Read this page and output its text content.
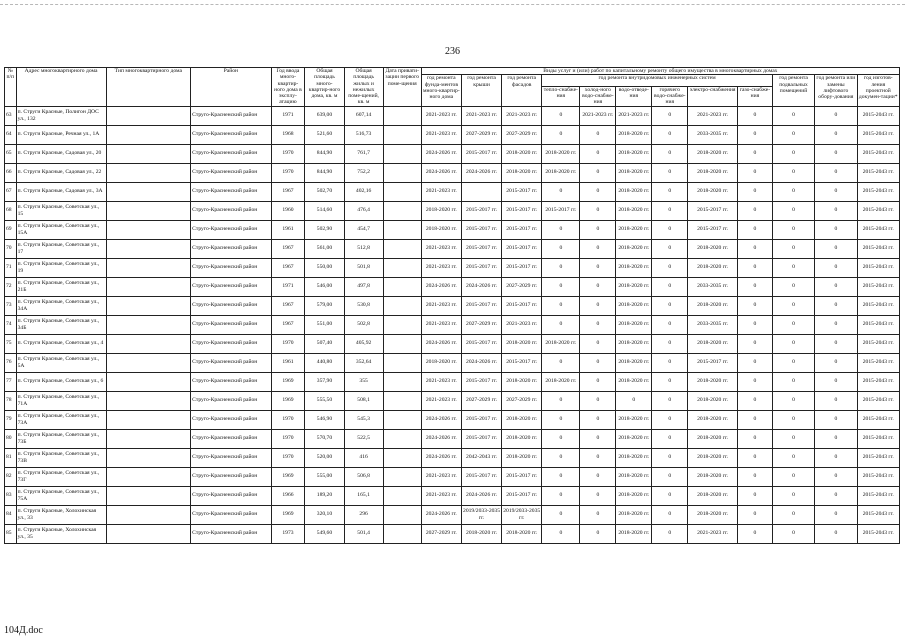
236
№ п/п	Адрес многоквартирного дома	Тип многоквартирного дома	Район	Год ввода много-квартир-ного дома в эксплу-атацию	Общая площадь много-квартир-ного дома, кв. м	Общая площадь жилых и нежилых поме-щений, кв. м	Дата привати-зации первого поме-щения	Виды услуг и (или) работ по капитальному ремонту общего имущества в многоквартирных домах											
								год ремонта фунда-ментов много-квартир-ного дома	год ремонта крыши	год ремонта фасадов	год ремонта внутридомовых инженерных систем						год ремонта подвальных помещений	год ремонта или замены лифтового обору-дования	год изготов-ления проектной докумен-тации*
											тепло-снабже-ния	холод-ного водо-снабже-ния	водо-отведе-ния	горячего водо-снабже-ния	электро-снабжения	газо-снабже-ния			
63	п. Струги Красные, Полигон ДОС ул., 132		Струго-Красненский район	1971	639,00	607,14		2021-2023 гг.	2021-2023 гг.	2021-2023 гг.	0	2021-2023 гг.	2021-2023 гг.	0	2021-2023 гг.	0	0	0	2015-2043 гг.
64	п. Струги Красные, Речная ул., 1А		Струго-Красненский район	1968	521,60	516,73		2021-2023 гг.	2027-2029 гг.	2027-2029 гг.	0	0	2018-2020 гг.	0	2033-2035 гг.	0	0	0	2015-2043 гг.
65	п. Струги Красные, Садовая ул., 20		Струго-Красненский район	1970	844,90	761,7		2024-2026 гг.	2015-2017 гг.	2018-2020 гг.	2018-2020 гг.	0	2018-2020 гг.	0	2018-2020 гг.	0	0	0	2015-2043 гг.
66	п. Струги Красные, Садовая ул., 22		Струго-Красненский район	1970	844,90	752,2		2024-2026 гг.	2024-2026 гг.	2018-2020 гг.	2018-2020 гг.	0	2018-2020 гг.	0	2018-2020 гг.	0	0	0	2015-2043 гг.
67	п. Струги Красные, Садовая ул., 3А		Струго-Красненский район	1967	502,70	402,16		2021-2023 гг.		2015-2017 гг.	0	0	2018-2020 гг.	0	2018-2020 гг.	0	0	0	2015-2043 гг.
68	п. Струги Красные, Советская ул., 15		Струго-Красненский район	1960	514,60	476,4		2018-2020 гг.	2015-2017 гг.	2015-2017 гг.	2015-2017 гг.	0	2018-2020 гг.	0	2015-2017 гг.	0	0	0	2015-2043 гг.
69	п. Струги Красные, Советская ул., 15А		Струго-Красненский район	1961	502,90	454,7		2018-2020 гг.	2015-2017 гг.	2015-2017 гг.	0	0	2018-2020 гг.	0	2015-2017 гг.	0	0	0	2015-2043 гг.
70	п. Струги Красные, Советская ул., 17		Струго-Красненский район	1967	561,00	512,8		2021-2023 гг.	2015-2017 гг.	2015-2017 гг.	0	0	2018-2020 гг.	0	2018-2020 гг.	0	0	0	2015-2043 гг.
71	п. Струги Красные, Советская ул., 19		Струго-Красненский район	1967	550,00	501,8		2021-2023 гг.	2015-2017 гг.	2015-2017 гг.	0	0	2018-2020 гг.	0	2018-2020 гг.	0	0	0	2015-2043 гг.
72	п. Струги Красные, Советская ул., 21Б		Струго-Красненский район	1971	546,00	497,8		2024-2026 гг.	2024-2026 гг.	2027-2029 гг.	0	0	2018-2020 гг.	0	2033-2035 гг.	0	0	0	2015-2043 гг.
73	п. Струги Красные, Советская ул., 34А		Струго-Красненский район	1967	579,00	530,8		2021-2023 гг.	2015-2017 гг.	2015-2017 гг.	0	0	2018-2020 гг.	0	2018-2020 гг.	0	0	0	2015-2043 гг.
74	п. Струги Красные, Советская ул., 34Б		Струго-Красненский район	1967	551,00	502,8		2021-2023 гг.	2027-2029 гг.	2021-2023 гг.	0	0	2018-2020 гг.	0	2033-2035 гг.	0	0	0	2015-2043 гг.
75	п. Струги Красные, Советская ул., 4		Струго-Красненский район	1970	507,40	405,92		2024-2026 гг.	2015-2017 гг.	2018-2020 гг.	2018-2020 гг.	0	2018-2020 гг.	0	2018-2020 гг.	0	0	0	2015-2043 гг.
76	п. Струги Красные, Советская ул., 5А		Струго-Красненский район	1961	440,80	352,64		2018-2020 гг.	2024-2026 гг.	2015-2017 гг.	0	0	2018-2020 гг.	0	2015-2017 гг.	0	0	0	2015-2043 гг.
77	п. Струги Красные, Советская ул., 6		Струго-Красненский район	1969	357,90	355		2021-2023 гг.	2015-2017 гг.	2018-2020 гг.	2018-2020 гг.	0	2018-2020 гг.	0	2018-2020 гг.	0	0	0	2015-2043 гг.
78	п. Струги Красные, Советская ул., 71А		Струго-Красненский район	1969	555,50	508,1		2021-2023 гг.	2027-2029 гг.	2027-2029 гг.	0	0	0	0	2018-2020 гг.	0	0	0	2015-2043 гг.
79	п. Струги Красные, Советская ул., 73А		Струго-Красненский район	1970	546,90	545,3		2024-2026 гг.	2015-2017 гг.	2018-2020 гг.	0	0	2018-2020 гг.	0	2018-2020 гг.	0	0	0	2015-2043 гг.
80	п. Струги Красные, Советская ул., 73Б		Струго-Красненский район	1970	570,70	522,5		2024-2026 гг.	2015-2017 гг.	2018-2020 гг.	0	0	2018-2020 гг.	0	2018-2020 гг.	0	0	0	2015-2043 гг.
81	п. Струги Красные, Советская ул., 73В		Струго-Красненский район	1970	520,00	416		2024-2026 гг.	2042-2043 гг.	2018-2020 гг.	0	0	2018-2020 гг.	0	2018-2020 гг.	0	0	0	2015-2043 гг.
82	п. Струги Красные, Советская ул., 73Г		Струго-Красненский район	1969	555,00	506,8		2021-2023 гг.	2015-2017 гг.	2015-2017 гг.	0	0	2018-2020 гг.	0	2018-2020 гг.	0	0	0	2015-2043 гг.
83	п. Струги Красные, Советская ул., 75А		Струго-Красненский район	1966	189,20	165,1		2021-2023 гг.	2024-2026 гг.	2015-2017 гг.	0	0	2018-2020 гг.	0	2018-2020 гг.	0	0	0	2015-2043 гг.
84	п. Струги Красные, Холохинская ул., 33		Струго-Красненский район	1969	320,10	296		2024-2026 гг.	2019/2033-2035 гг.	2019/2033-2035 гг.	0	0	2018-2020 гг.	0	2018-2020 гг.	0	0	0	2015-2043 гг.
85	п. Струги Красные, Холохинская ул., 35		Струго-Красненский район	1973	549,60	501,4		2027-2029 гг.	2018-2020 гг.	2018-2020 гг.	0	0	2018-2020 гг.	0	2021-2023 гг.	0	0	0	2015-2043 гг.
104Д.doc
